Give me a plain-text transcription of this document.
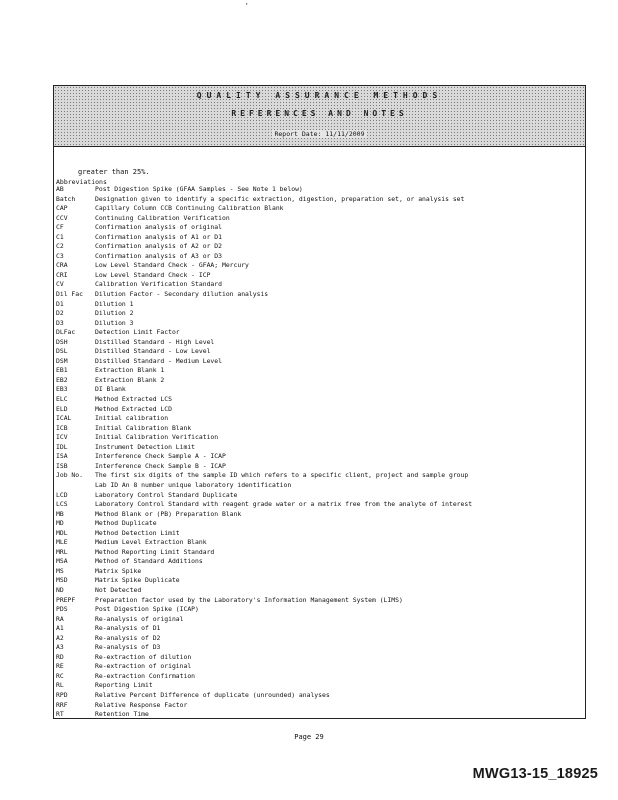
·
QUALITY ASSURANCE METHODS
REFERENCES AND NOTES
Report Date: 11/11/2009
greater than 25%.
Abbreviations
AB	Post Digestion Spike (GFAA Samples - See Note 1 below)
Batch	Designation given to identify a specific extraction, digestion, preparation set, or analysis set
CAP	Capillary Column CCB Continuing Calibration Blank
CCV	Continuing Calibration Verification
CF	Confirmation analysis of original
C1	Confirmation analysis of A1 or D1
C2	Confirmation analysis of A2 or D2
C3	Confirmation analysis of A3 or D3
CRA	Low Level Standard Check - GFAA; Mercury
CRI	Low Level Standard Check - ICP
CV	Calibration Verification Standard
Dil Fac	Dilution Factor - Secondary dilution analysis
D1	Dilution 1
D2	Dilution 2
D3	Dilution 3
DLFac	Detection Limit Factor
DSH	Distilled Standard - High Level
DSL	Distilled Standard - Low Level
DSM	Distilled Standard - Medium Level
EB1	Extraction Blank 1
EB2	Extraction Blank 2
EB3	DI Blank
ELC	Method Extracted LCS
ELD	Method Extracted LCD
ICAL	Initial calibration
ICB	Initial Calibration Blank
ICV	Initial Calibration Verification
IDL	Instrument Detection Limit
ISA	Interference Check Sample A - ICAP
ISB	Interference Check Sample B - ICAP
Job No.	The first six digits of the sample ID which refers to a specific client, project and sample group
Lab ID An 8 number unique laboratory identification
LCD	Laboratory Control Standard Duplicate
LCS	Laboratory Control Standard with reagent grade water or a matrix free from the analyte of interest
MB	Method Blank or (PB) Preparation Blank
MD	Method Duplicate
MDL	Method Detection Limit
MLE	Medium Level Extraction Blank
MRL	Method Reporting Limit Standard
MSA	Method of Standard Additions
MS	Matrix Spike
MSD	Matrix Spike Duplicate
ND	Not Detected
PREPF	Preparation factor used by the Laboratory's Information Management System (LIMS)
PDS	Post Digestion Spike (ICAP)
RA	Re-analysis of original
A1	Re-analysis of D1
A2	Re-analysis of D2
A3	Re-analysis of D3
RD	Re-extraction of dilution
RE	Re-extraction of original
RC	Re-extraction Confirmation
RL	Reporting Limit
RPD	Relative Percent Difference of duplicate (unrounded) analyses
RRF	Relative Response Factor
RT	Retention Time
Page 29
MWG13-15_18925
